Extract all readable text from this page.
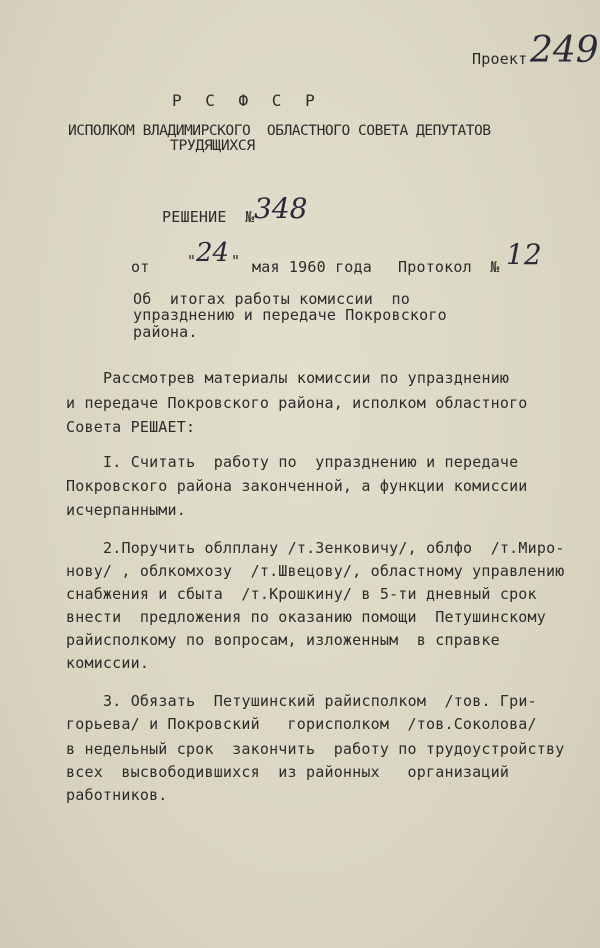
Проект 249
Р С Ф С Р
ИСПОЛКОМ ВЛАДИМИРСКОГО  ОБЛАСТНОГО СОВЕТА ДЕПУТАТОВ
ТРУДЯЩИХСЯ
РЕШЕНИЕ  № 348
от	" 24 " мая 1960 года Протокол  № 12
Об  итогах работы комиссии  по
упразднению и передаче Покровского
района.
Рассмотрев материалы комиссии по упразднению
и передаче Покровского района, исполком областного
Совета РЕШАЕТ:
I. Считать  работу по  упразднению и передаче
Покровского района законченной, а функции комиссии
исчерпанными.
2.Поручить облплану /т.Зенковичу/, облфо  /т.Миро-
нову/ , облкомхозу  /т.Швецову/, областному управлению
снабжения и сбыта  /т.Крошкину/ в 5-ти дневный срок
внести  предложения по оказанию помощи  Петушинскому
райисполкому по вопросам, изложенным  в справке
комиссии.
3. Обязать  Петушинский райисполком  /тов. Гри-
горьева/ и Покровский   горисполком  /тов.Соколова/
в недельный срок  закончить  работу по трудоустройству
всех  высвободившихся  из районных   организаций
работников.
